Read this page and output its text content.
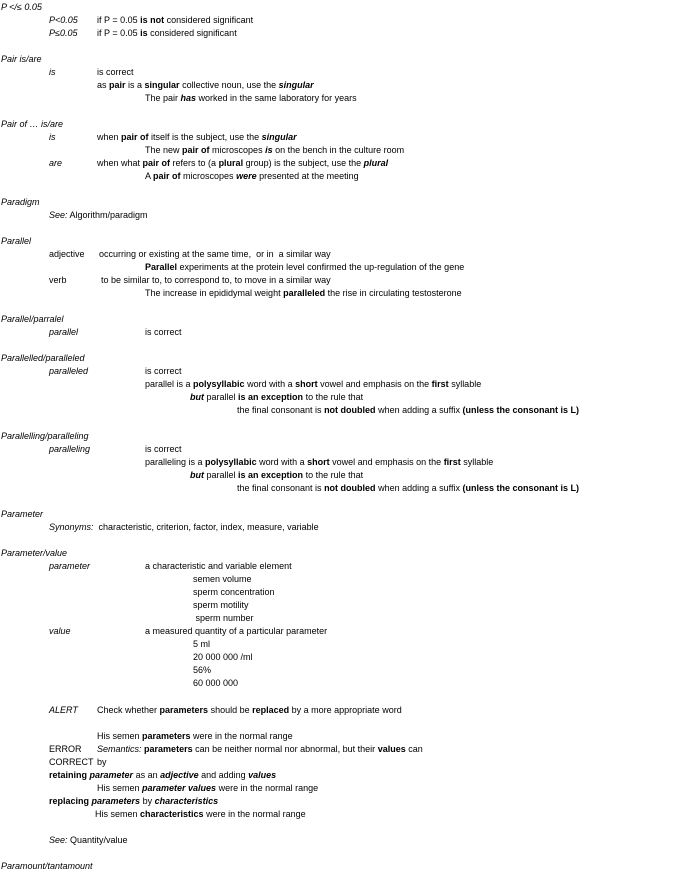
P </≤ 0.05
P<0.05 if P = 0.05 is not considered significant
P≤0.05 if P = 0.05 is considered significant
Pair is/are
is	is correct
as pair is a singular collective noun, use the singular
The pair has worked in the same laboratory for years
Pair of … is/are
is	when pair of itself is the subject, use the singular
The new pair of microscopes is on the bench in the culture room
are	when what pair of refers to (a plural group) is the subject, use the plural
A pair of microscopes were presented at the meeting
Paradigm
See: Algorithm/paradigm
Parallel
adjective occurring or existing at the same time,  or in  a similar way
Parallel experiments at the protein level confirmed the up-regulation of the gene
verb	to be similar to, to correspond to, to move in a similar way
The increase in epididymal weight paralleled the rise in circulating testosterone
Parallel/parralel
parallel	is correct
Parallelled/paralleled
paralleled	is correct
parallel is a polysyllabic word with a short vowel and emphasis on the first syllable
but parallel is an exception to the rule that
the final consonant is not doubled when adding a suffix (unless the consonant is L)
Parallelling/paralleling
paralleling	is correct
paralleling is a polysyllabic word with a short vowel and emphasis on the first syllable
but parallel is an exception to the rule that
the final consonant is not doubled when adding a suffix (unless the consonant is L)
Parameter
Synonyms:  characteristic, criterion, factor, index, measure, variable
Parameter/value
parameter	a characteristic and variable element
semen volume
sperm concentration
sperm motility
sperm number
value	a measured quantity of a particular parameter
5 ml
20 000 000 /ml
56%
60 000 000
ALERT Check whether parameters should be replaced by a more appropriate word
His semen parameters were in the normal range
ERROR Semantics: parameters can be neither normal nor abnormal, but their values can
CORRECT by
retaining parameter as an adjective and adding values
His semen parameter values were in the normal range
replacing parameters by characteristics
His semen characteristics were in the normal range
See: Quantity/value
Paramount/tantamount
